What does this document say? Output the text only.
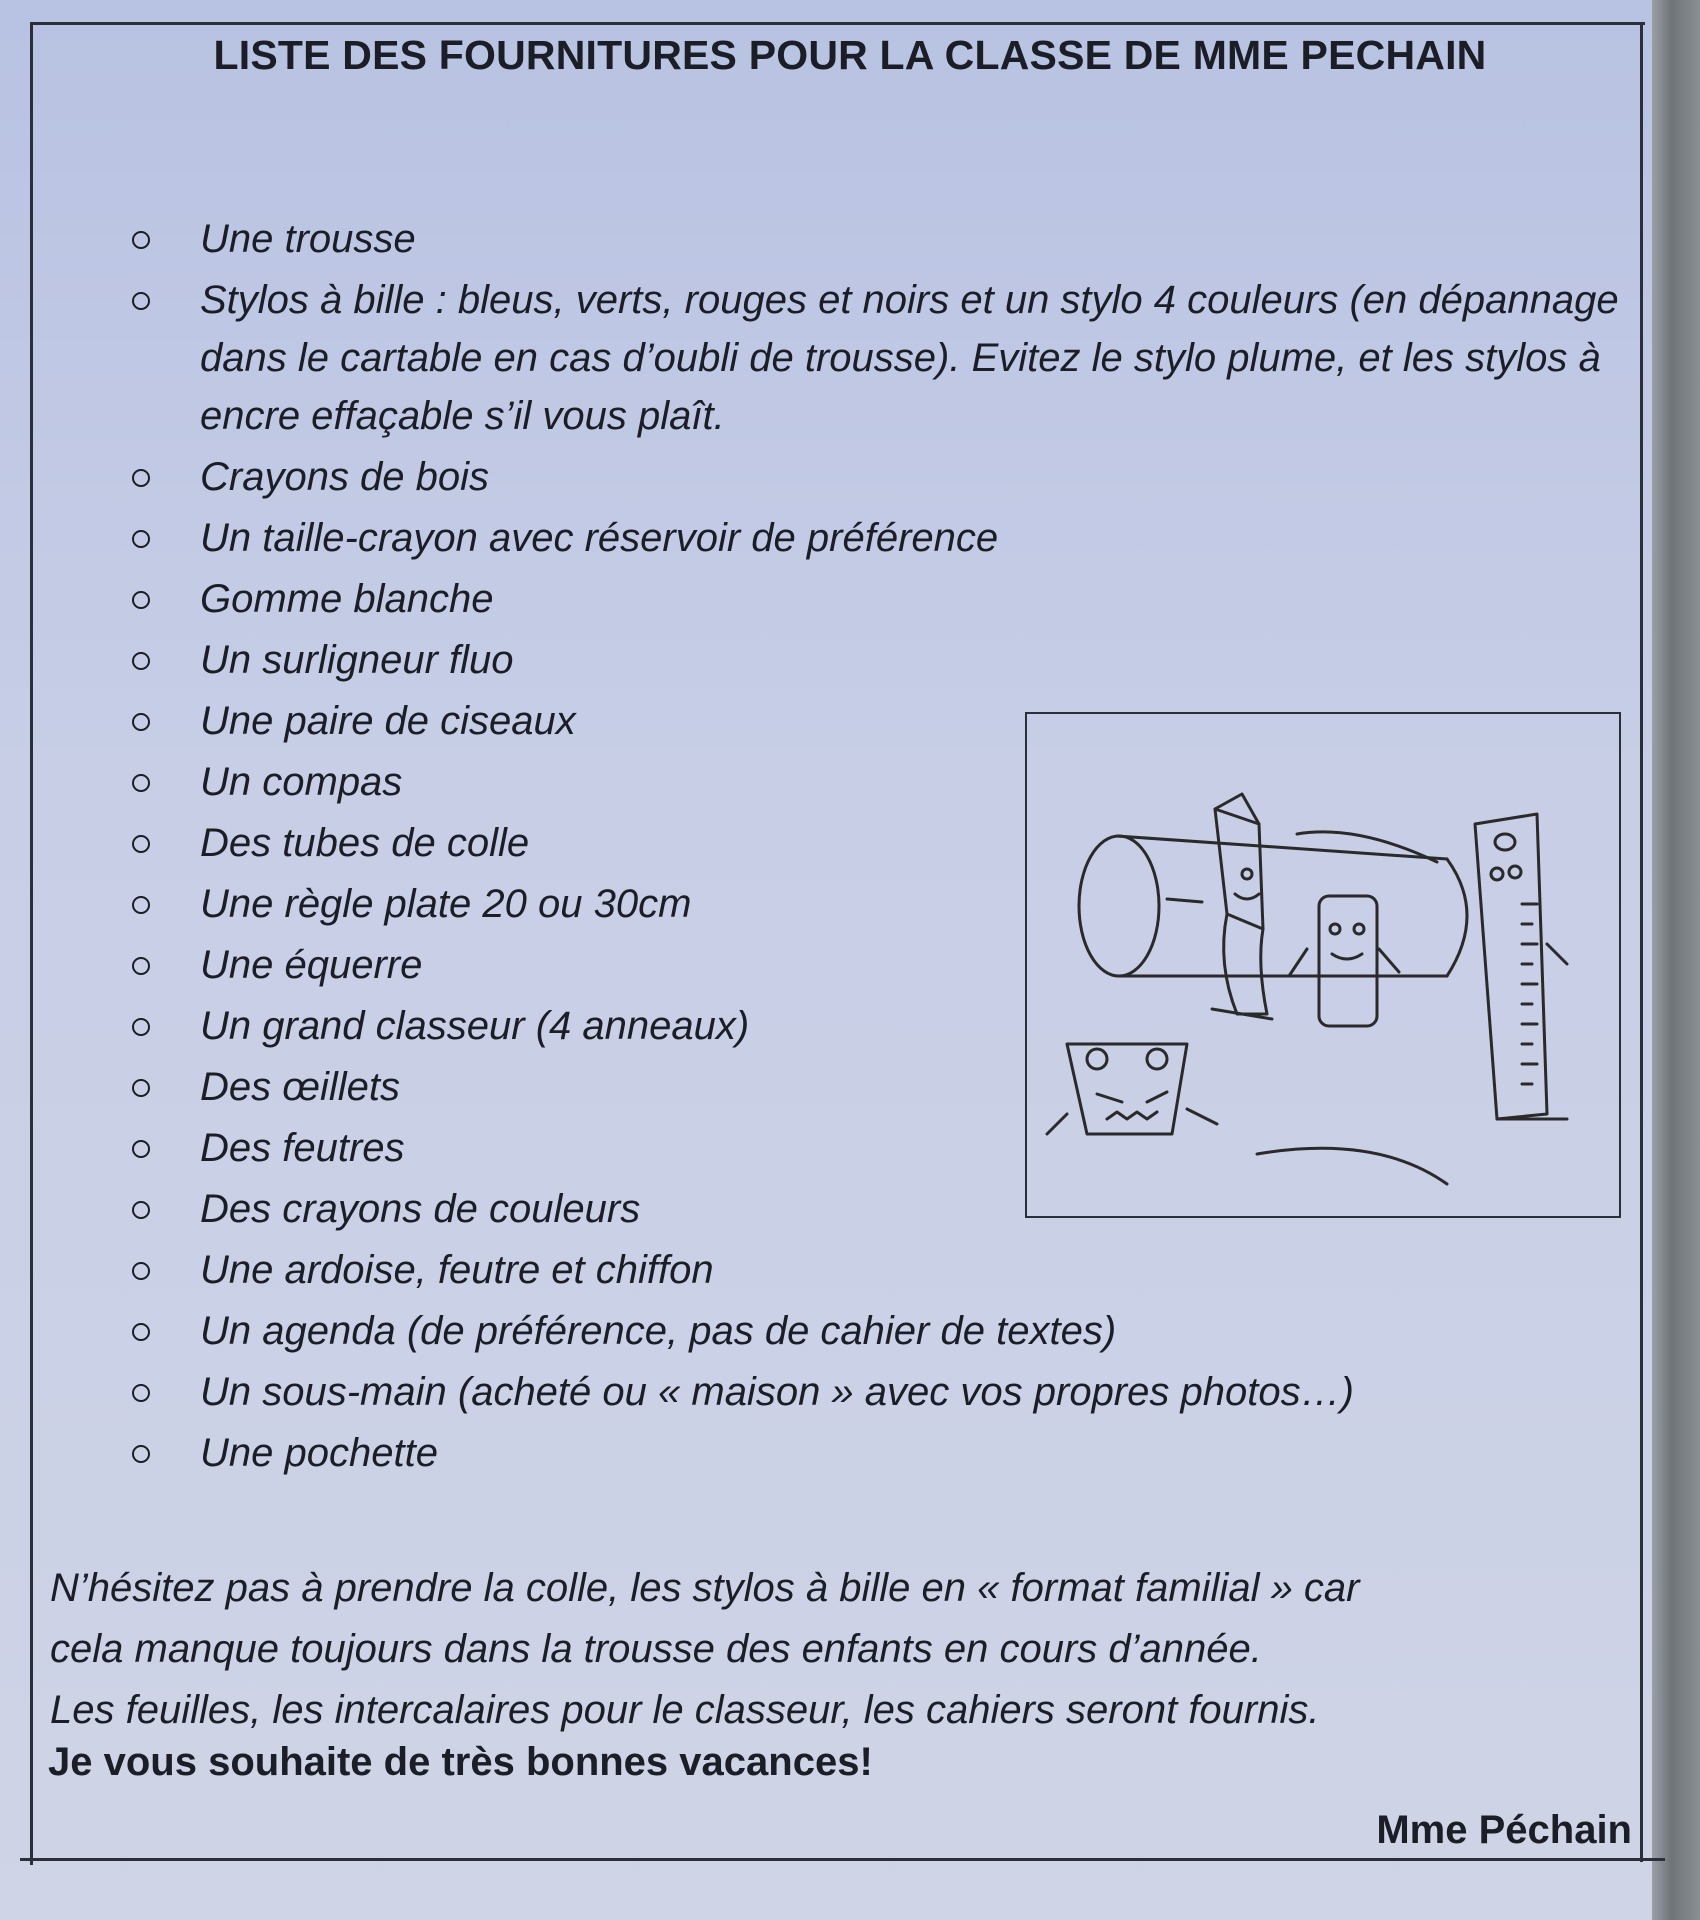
LISTE DES FOURNITURES POUR LA CLASSE DE MME PECHAIN
Une trousse
Stylos à bille : bleus, verts, rouges et noirs et un stylo 4 couleurs (en dépannage dans le cartable en cas d’oubli de trousse). Evitez le stylo plume, et les stylos à encre effaçable s’il vous plaît.
Crayons de bois
Un taille-crayon avec réservoir de préférence
Gomme blanche
Un surligneur fluo
Une paire de ciseaux
Un compas
Des tubes de colle
Une règle plate 20 ou 30cm
Une équerre
Un grand classeur (4 anneaux)
Des œillets
Des feutres
Des crayons de couleurs
Une ardoise, feutre et chiffon
Un agenda (de préférence, pas de cahier de textes)
Un sous-main (acheté ou « maison » avec vos propres photos…)
Une pochette

N’hésitez pas à prendre la colle, les stylos à bille en « format familial » car

cela manque toujours dans la trousse des enfants en cours d’année.

Les feuilles, les intercalaires pour le classeur, les cahiers seront fournis.

Je vous souhaite de très bonnes vacances!
Mme Péchain
